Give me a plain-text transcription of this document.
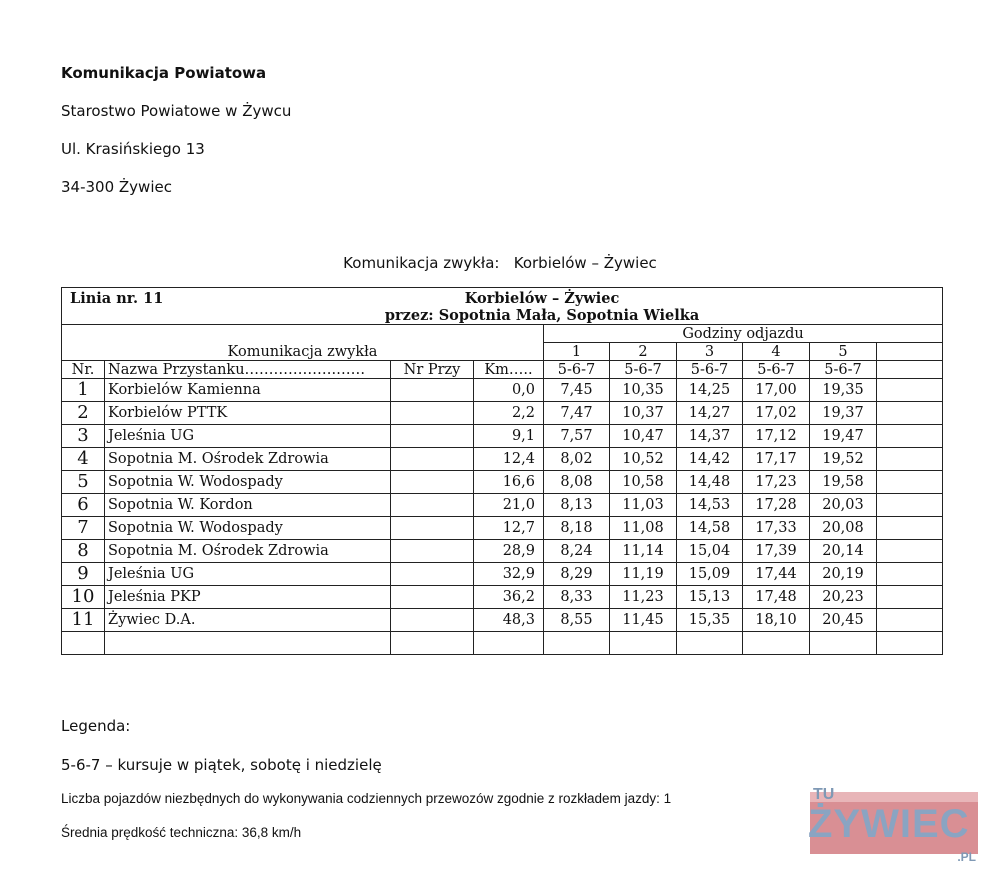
Komunikacja Powiatowa
Starostwo Powiatowe w Żywcu
Ul. Krasińskiego 13
34-300 Żywiec
Komunikacja zwykła:   Korbielów – Żywiec
Linia nr. 11 Korbielów – Żywiec
przez: Sopotnia Mała, Sopotnia Wielka									

Komunikacja zwykła				Godziny odjazdu					
				1	2	3	4	5	
Nr.	Nazwa Przystanku……………….……	Nr Przy	Km…..	5-6-7	5-6-7	5-6-7	5-6-7	5-6-7	
1	Korbielów Kamienna		0,0	7,45	10,35	14,25	17,00	19,35	
2	Korbielów PTTK		2,2	7,47	10,37	14,27	17,02	19,37	
3	Jeleśnia UG		9,1	7,57	10,47	14,37	17,12	19,47	
4	Sopotnia M. Ośrodek Zdrowia		12,4	8,02	10,52	14,42	17,17	19,52	
5	Sopotnia W. Wodospady		16,6	8,08	10,58	14,48	17,23	19,58	
6	Sopotnia W. Kordon		21,0	8,13	11,03	14,53	17,28	20,03	
7	Sopotnia W. Wodospady		12,7	8,18	11,08	14,58	17,33	20,08	
8	Sopotnia M. Ośrodek Zdrowia		28,9	8,24	11,14	15,04	17,39	20,14	
9	Jeleśnia UG		32,9	8,29	11,19	15,09	17,44	20,19	
10	Jeleśnia PKP		36,2	8,33	11,23	15,13	17,48	20,23	
11	Żywiec D.A.		48,3	8,55	11,45	15,35	18,10	20,45	

Legenda:
5-6-7 – kursuje w piątek, sobotę i niedzielę
Liczba pojazdów niezbędnych do wykonywania codziennych przewozów zgodnie z rozkładem jazdy: 1
Średnia prędkość techniczna: 36,8 km/h
TU
ŻYWIEC
.PL
